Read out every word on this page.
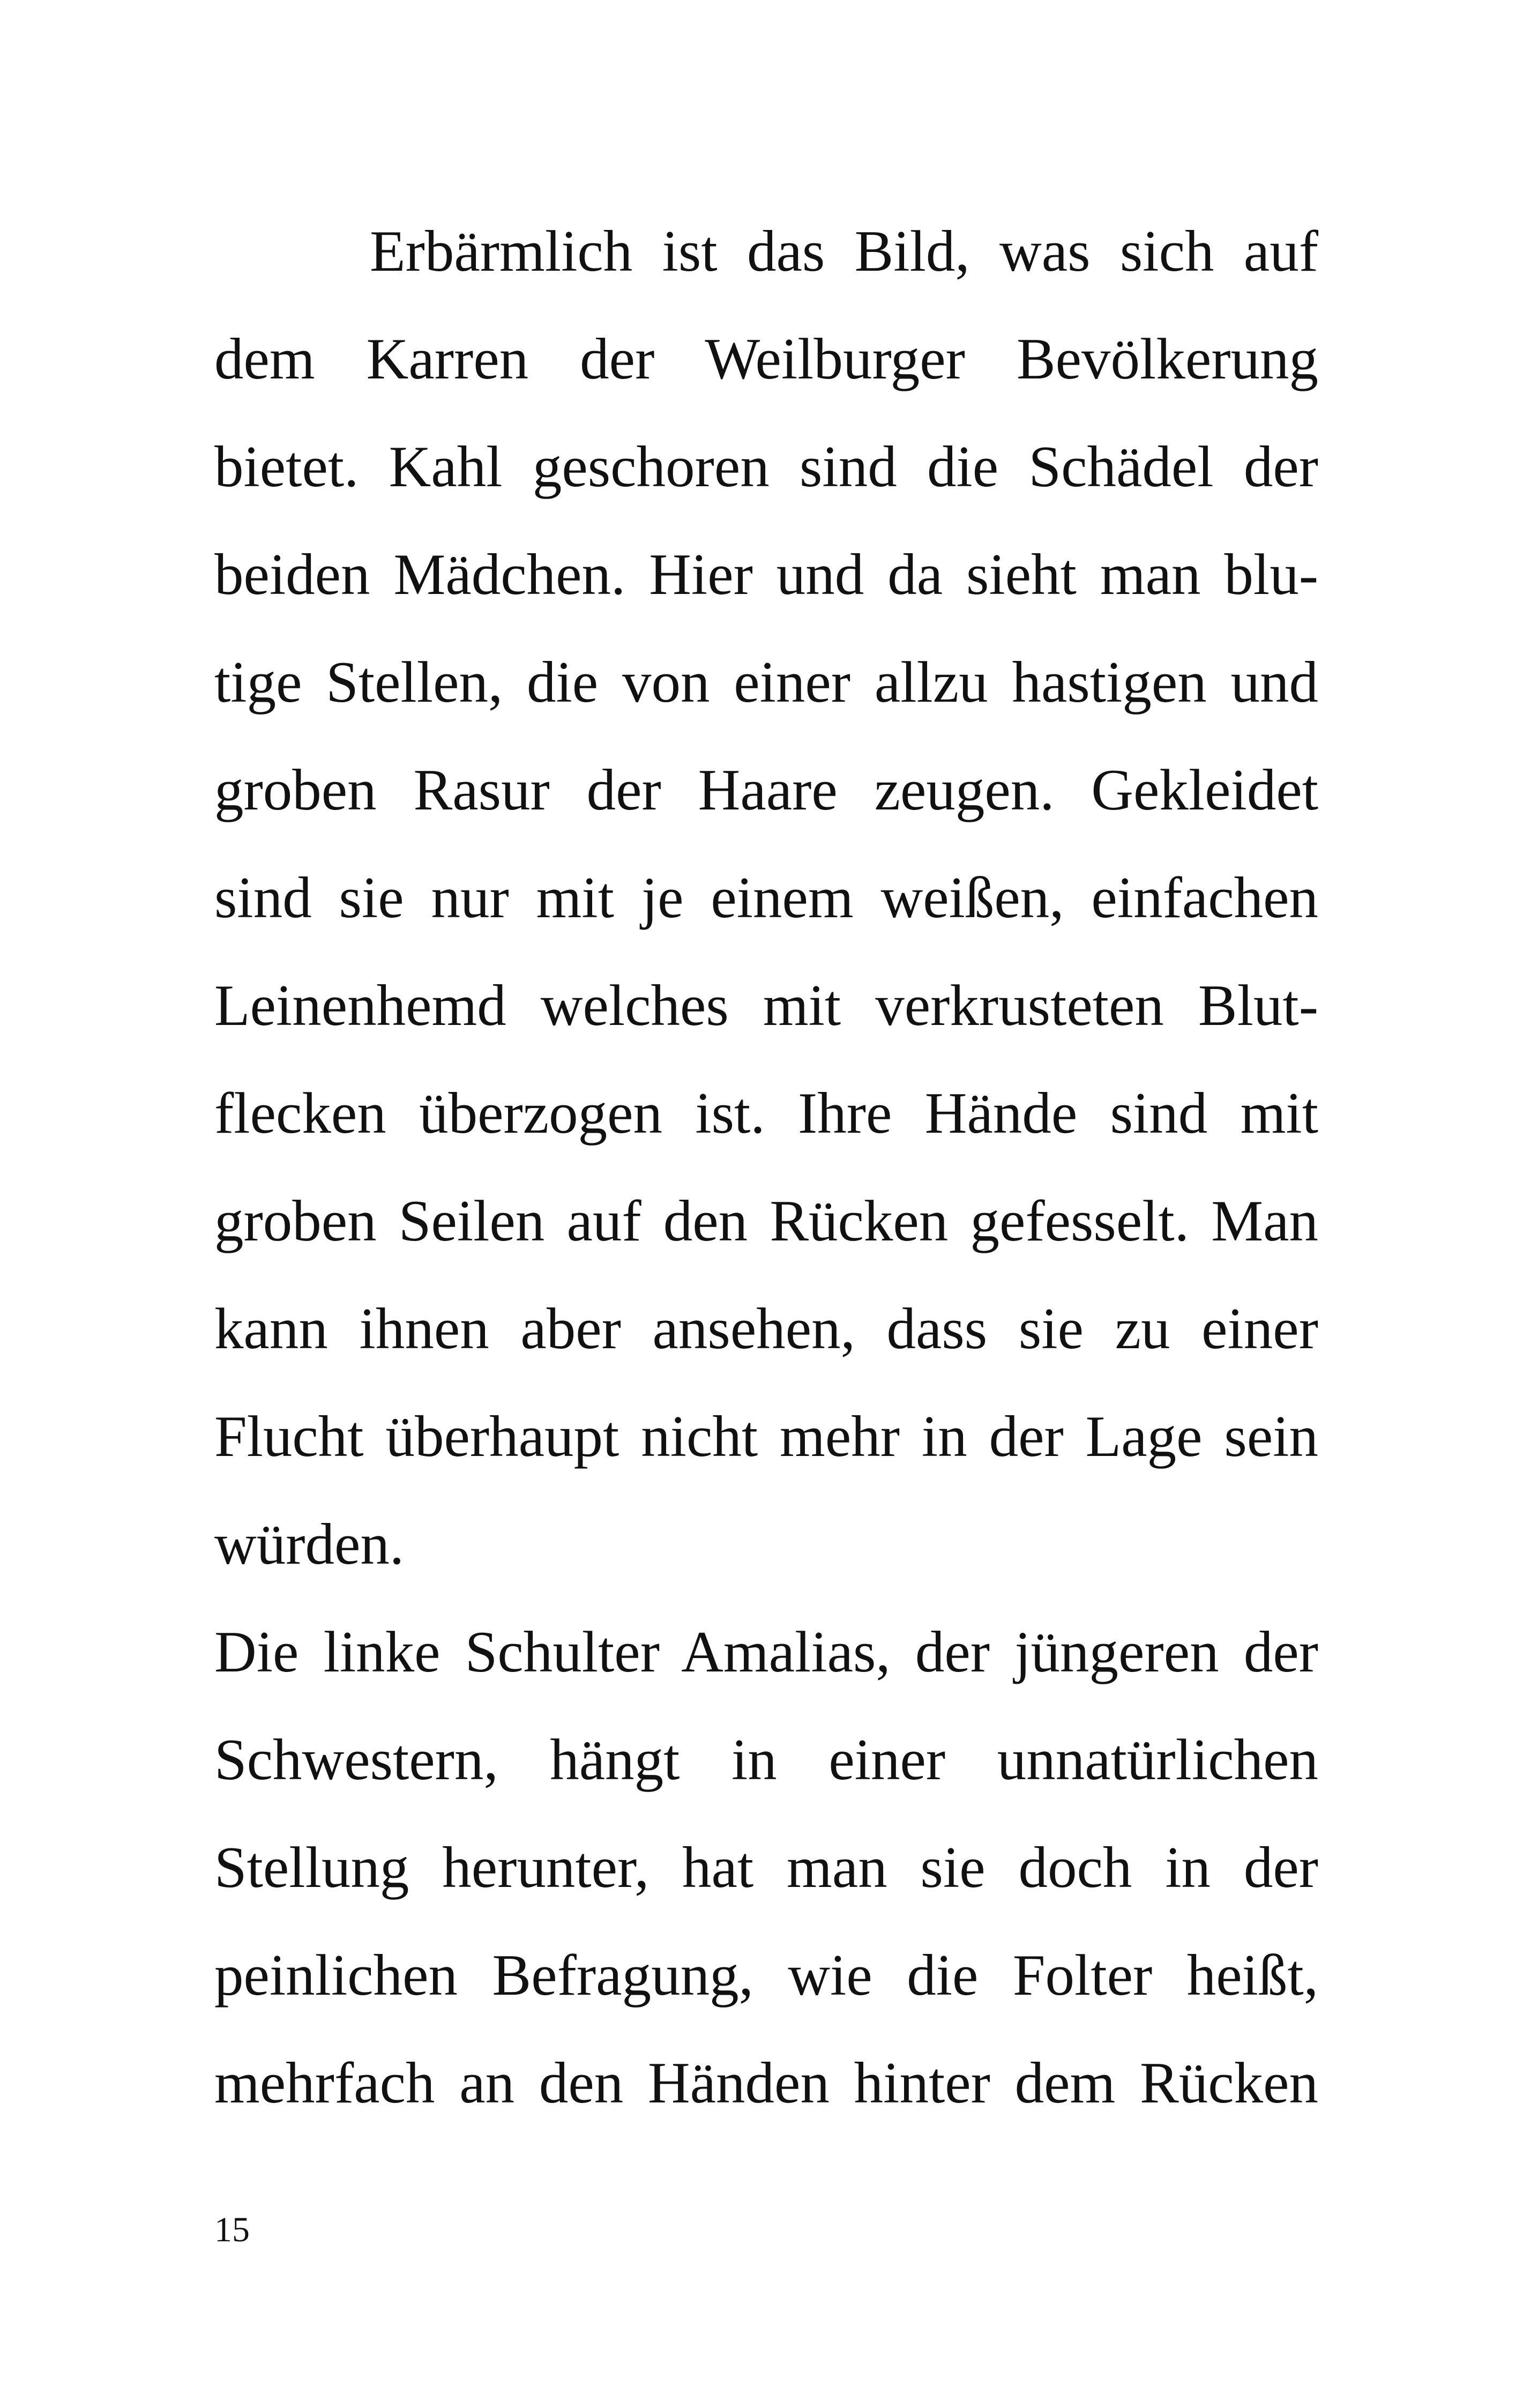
Erbärmlich ist das Bild, was sich auf
dem Karren der Weilburger Bevölkerung
bietet. Kahl geschoren sind die Schädel der
beiden Mädchen. Hier und da sieht man blu-
tige Stellen, die von einer allzu hastigen und
groben Rasur der Haare zeugen. Gekleidet
sind sie nur mit je einem weißen, einfachen
Leinenhemd welches mit verkrusteten Blut-
flecken überzogen ist. Ihre Hände sind mit
groben Seilen auf den Rücken gefesselt. Man
kann ihnen aber ansehen, dass sie zu einer
Flucht überhaupt nicht mehr in der Lage sein
würden.
Die linke Schulter Amalias, der jüngeren der
Schwestern, hängt in einer unnatürlichen
Stellung herunter, hat man sie doch in der
peinlichen Befragung, wie die Folter heißt,
mehrfach an den Händen hinter dem Rücken
15
